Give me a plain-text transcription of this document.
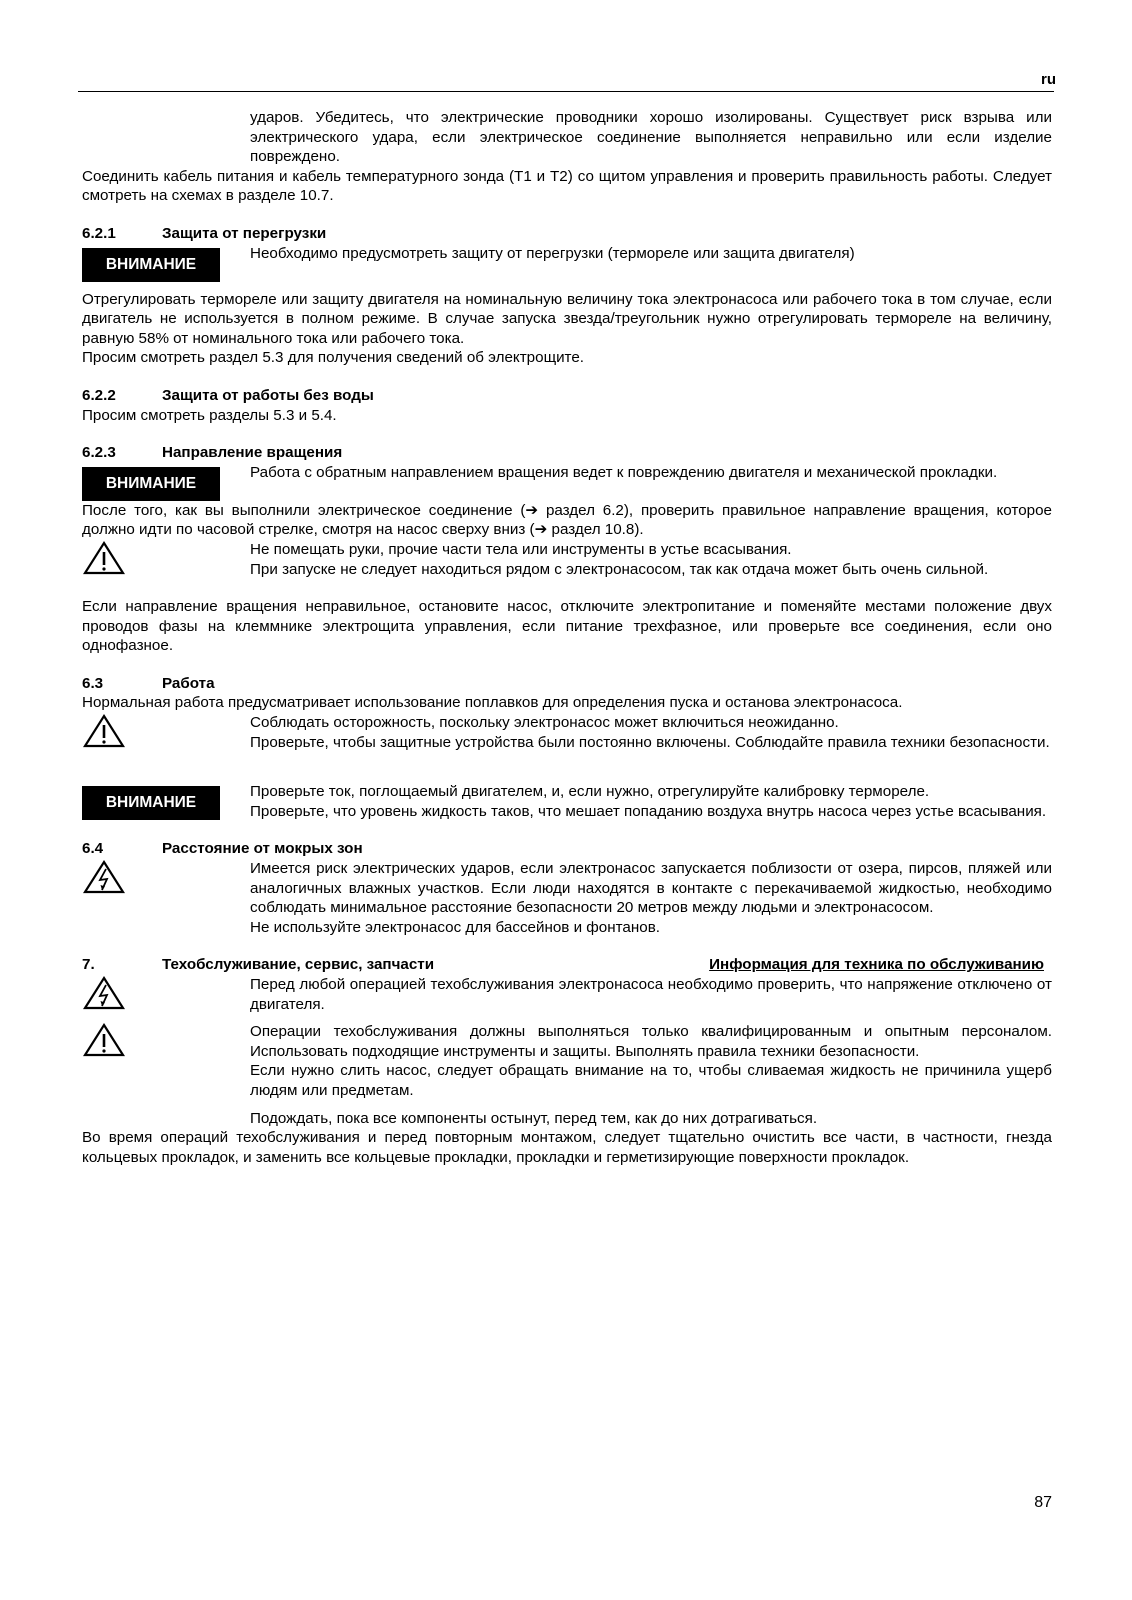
ru

ударов. Убедитесь, что электрические проводники хорошо изолированы. Существует риск взрыва или электрического удара, если электрическое соединение выполняется неправильно или если изделие повреждено.

Соединить кабель питания и кабель температурного зонда (T1 и T2) со щитом управления и проверить правильность работы. Следует смотреть на схемах в разделе 10.7.

6.2.1	Защита от перегрузки
ВНИМАНИЕ

Необходимо предусмотреть защиту от перегрузки (термореле или защита двигателя)

Отрегулировать термореле или защиту двигателя на номинальную величину тока электронасоса или рабочего тока в том случае, если двигатель не используется в полном режиме. В случае запуска звезда/треугольник нужно отрегулировать термореле на величину, равную 58% от номинального тока или рабочего тока.

Просим смотреть раздел 5.3 для получения сведений об электрощите.

6.2.2	Защита от работы без воды

Просим смотреть разделы 5.3 и 5.4.

6.2.3	Направление вращения
ВНИМАНИЕ

Работа с обратным направлением вращения ведет к повреждению двигателя и механической прокладки.

После того, как вы выполнили электрическое соединение (➔ раздел 6.2), проверить правильное направление вращения, которое должно идти по часовой стрелке, смотря на насос сверху вниз (➔ раздел 10.8).

Не помещать руки, прочие части тела или инструменты в устье всасывания.

При запуске не следует находиться рядом с электронасосом, так как отдача может быть очень сильной.

Если направление вращения неправильное, остановите насос, отключите электропитание и поменяйте местами положение двух проводов фазы на клеммнике электрощита управления, если питание трехфазное, или проверьте все соединения, если оно однофазное.

6.3	Работа

Нормальная работа предусматривает использование поплавков для определения пуска и останова электронасоса.

Соблюдать осторожность, поскольку электронасос может включиться неожиданно.

Проверьте, чтобы защитные устройства были постоянно включены. Соблюдайте правила техники безопасности.

ВНИМАНИЕ

Проверьте ток, поглощаемый двигателем, и, если нужно, отрегулируйте калибровку термореле.

Проверьте, что уровень жидкость таков, что мешает попаданию воздуха внутрь насоса через устье всасывания.

6.4	Расстояние от мокрых зон

Имеется риск электрических ударов, если электронасос запускается поблизости от озера, пирсов, пляжей или аналогичных влажных участков. Если люди находятся в контакте с перекачиваемой жидкостью, необходимо соблюдать минимальное расстояние безопасности 20 метров между людьми и электронасосом.

Не используйте электронасос для бассейнов и фонтанов.

7.	Техобслуживание, сервис, запчасти	Информация для техника по обслуживанию

Перед любой операцией техобслуживания электронасоса необходимо проверить, что напряжение отключено от двигателя.

Операции техобслуживания должны выполняться только квалифицированным и опытным персоналом. Использовать подходящие инструменты и защиты. Выполнять правила техники безопасности.

Если нужно слить насос, следует обращать внимание на то, чтобы сливаемая жидкость не причинила ущерб людям или предметам.

Подождать, пока все компоненты остынут, перед тем, как до них дотрагиваться.

Во время операций техобслуживания и перед повторным монтажом, следует тщательно очистить все части, в частности, гнезда кольцевых прокладок, и заменить все кольцевые прокладки, прокладки и герметизирующие поверхности прокладок.

87
